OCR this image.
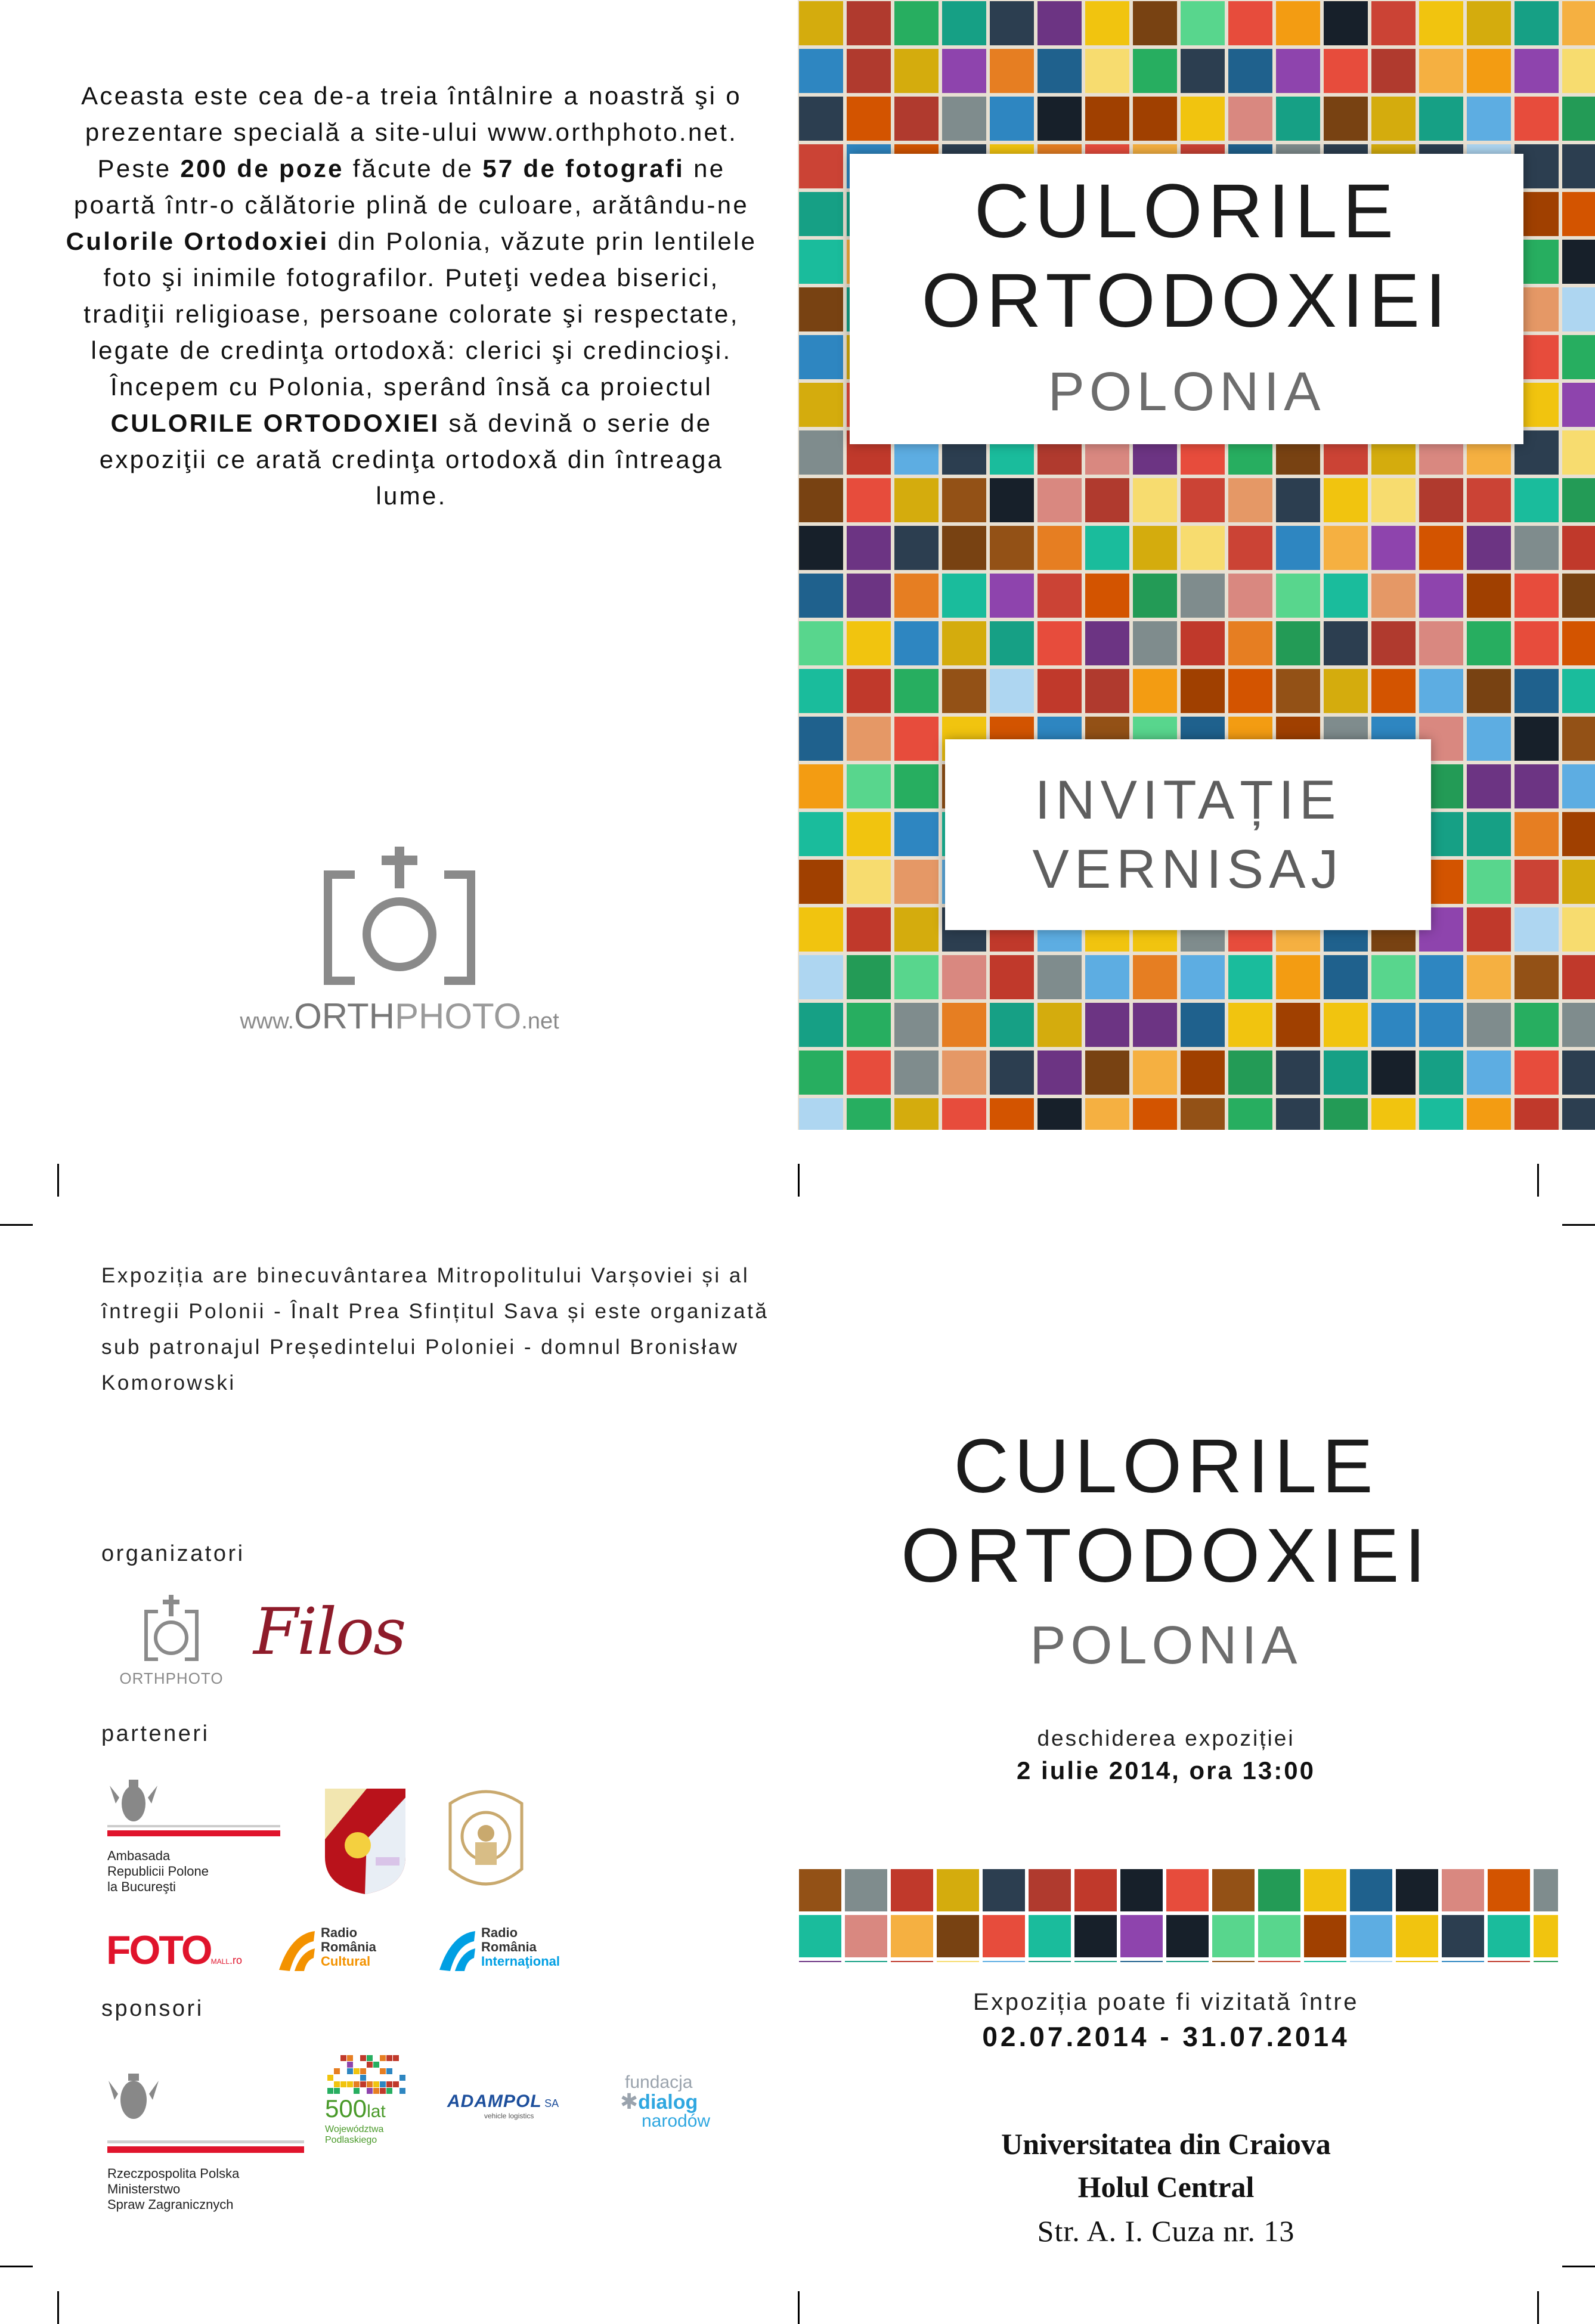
Aceasta este cea de-a treia întâlnire a noastră şi o prezentare specială a site-ului www.orthphoto.net. Peste 200 de poze făcute de 57 de fotografi ne poartă într-o călătorie plină de culoare, arătându-ne Culorile Ortodoxiei din Polonia, văzute prin lentilele foto şi inimile fotografilor. Puteţi vedea biserici, tradiţii religioase, persoane colorate şi respectate, legate de credinţa ortodoxă: clerici şi credincioşi. Începem cu Polonia, sperând însă ca proiectul CULORILE ORTODOXIEI să devină o serie de expoziţii ce arată credinţa ortodoxă din întreaga lume.
www.ORTHPHOTO.net
CULORILE
ORTODOXIEI
POLONIA
INVITAȚIE
VERNISAJ
Expoziția are binecuvântarea Mitropolitului Varșoviei și al întregii Polonii - Înalt Prea Sfințitul Sava și este organizată sub patronajul Președintelui Poloniei - domnul Bronisław Komorowski
organizatori
ORTHPHOTO
Filos
parteneri
Ambasada
Republicii Polone
la Bucureşti
FOTOMALL.ro
Radio
România
Cultural
Radio
România
Internaţional
sponsori
Rzeczpospolita Polska
Ministerstwo
Spraw Zagranicznych
500lat
Województwa
Podlaskiego
ADAMPOL SA
vehicle logistics
fundacja
✱dialog
narodów
CULORILE
ORTODOXIEI
POLONIA
deschiderea expoziției
2 iulie 2014, ora 13:00
Expoziția poate fi vizitată între
02.07.2014 - 31.07.2014
Universitatea din Craiova
Holul Central
Str. A. I. Cuza nr. 13
